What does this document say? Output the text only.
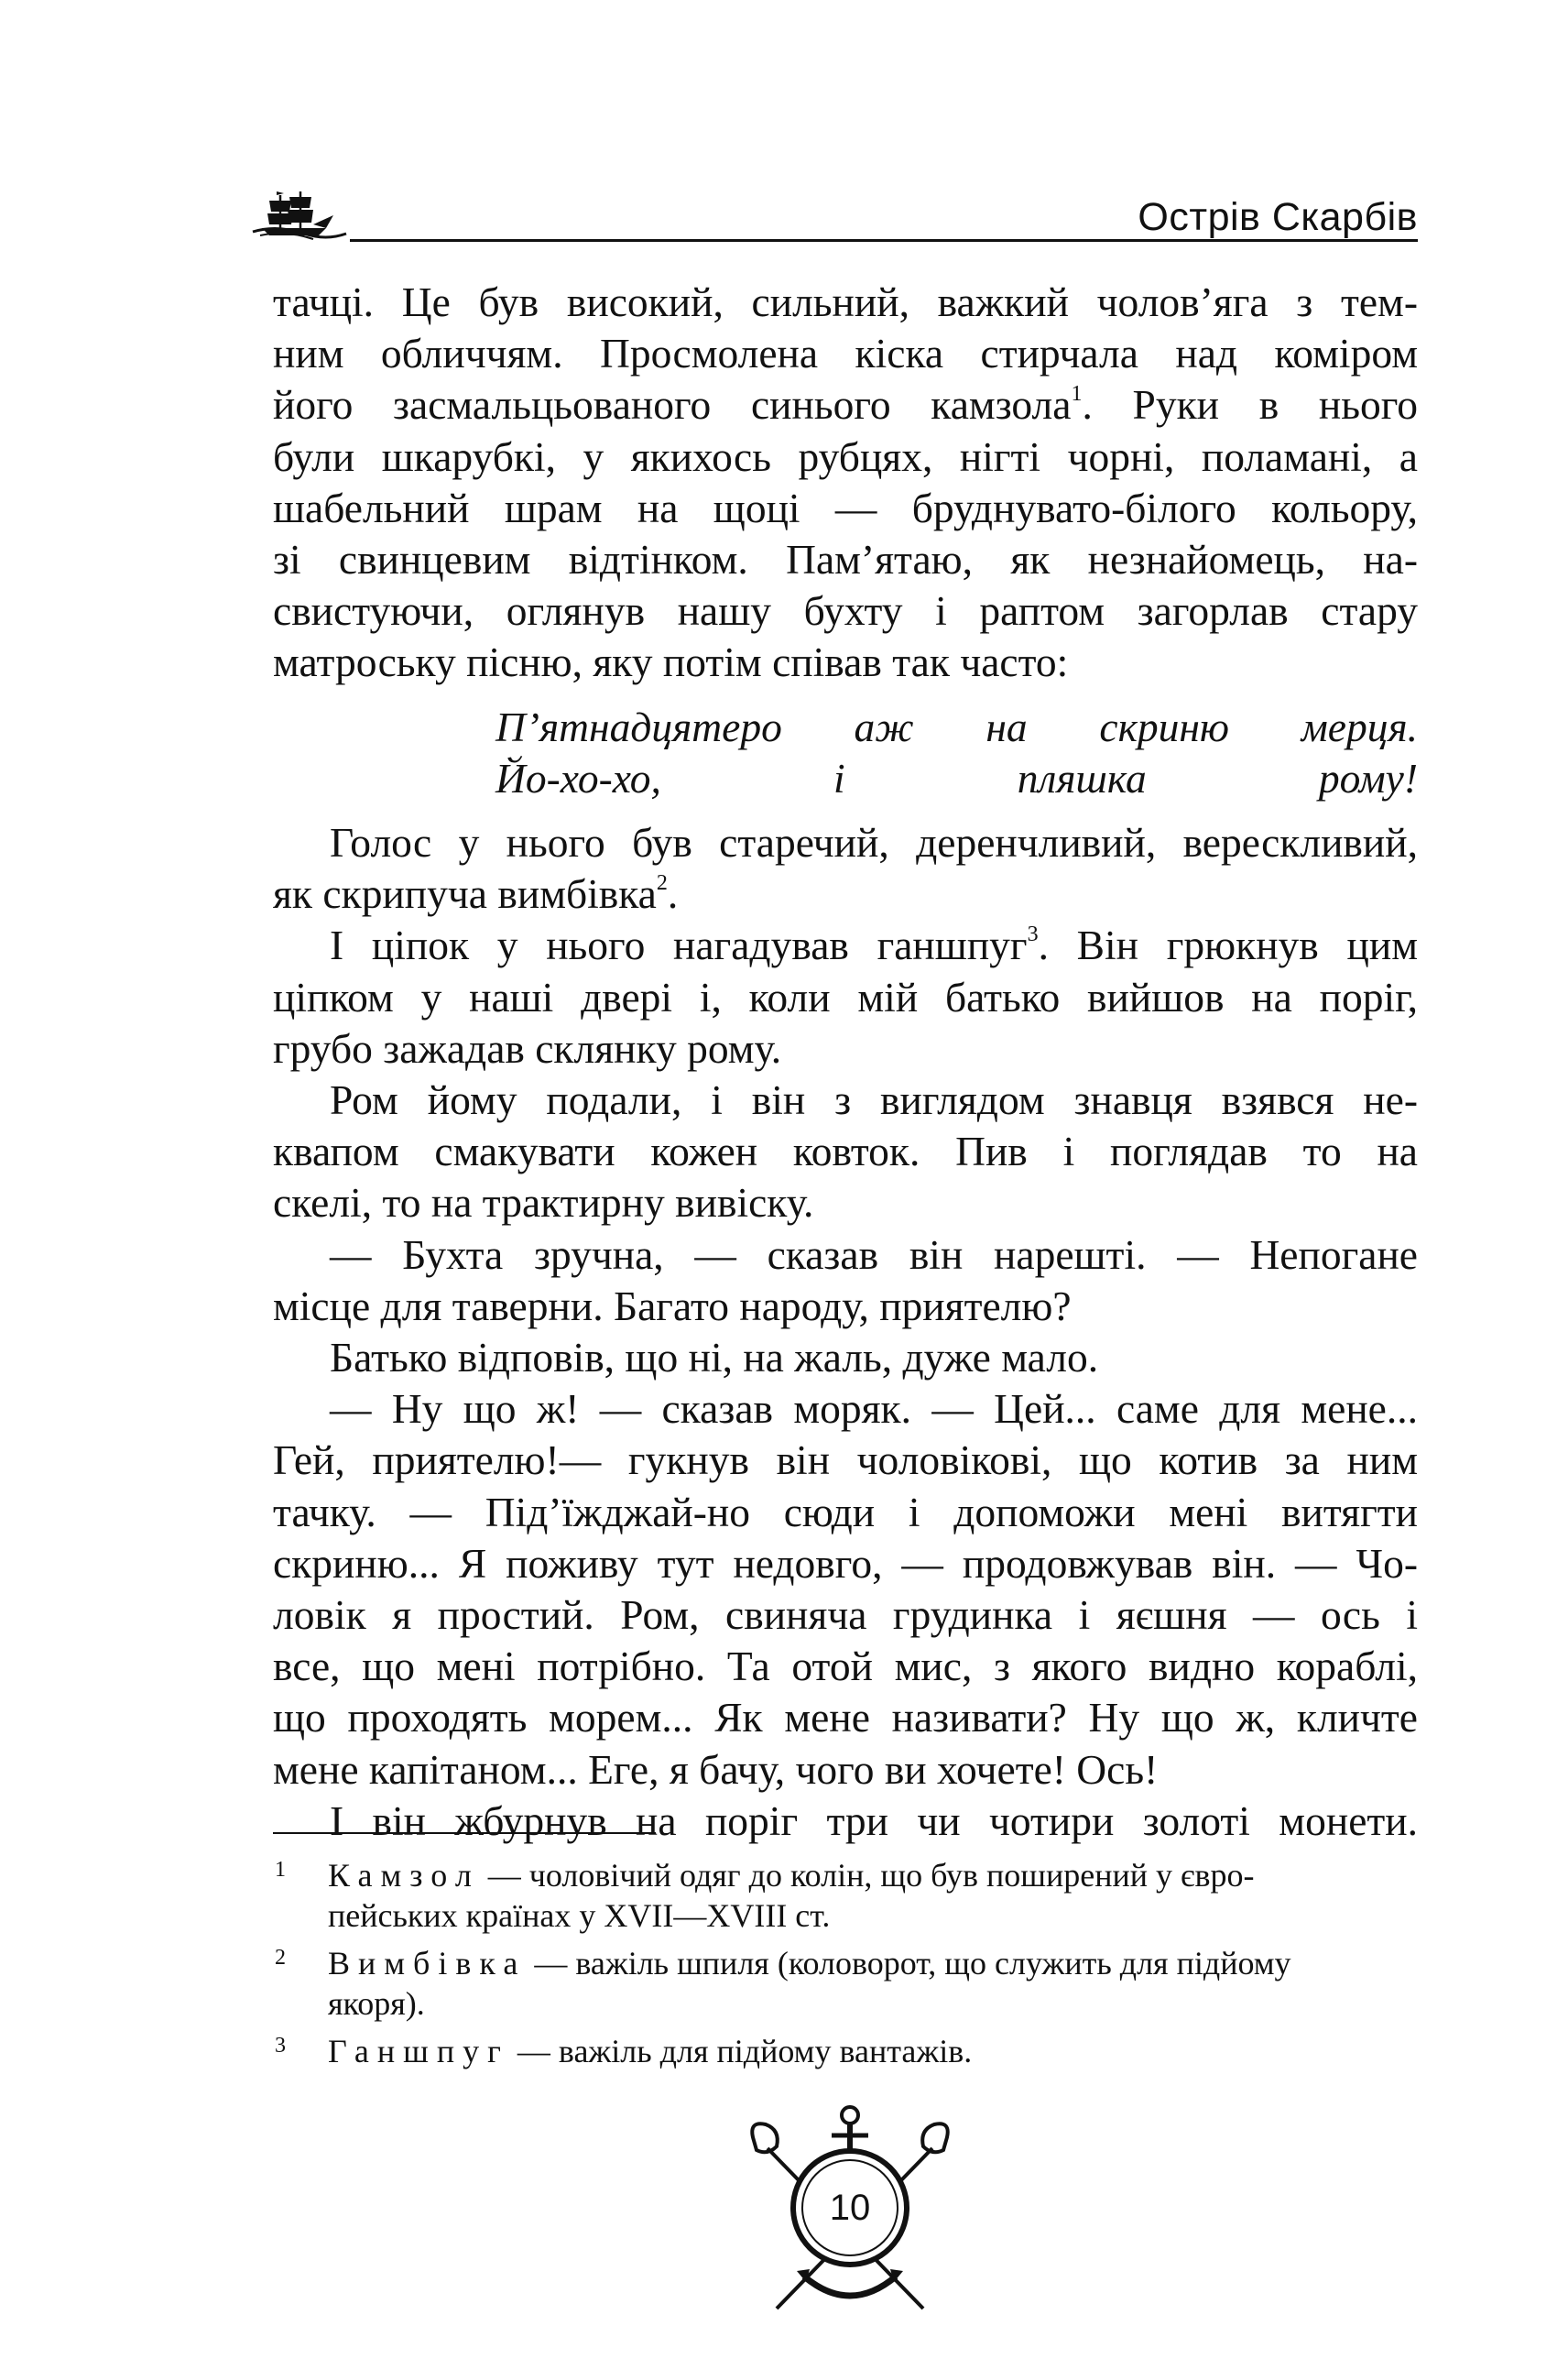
Острів Скарбів

тачці. Це був високий, сильний, важкий чолов’яга з тем-

ним обличчям. Просмолена кіска стирчала над коміром

його засмальцьованого синього камзола$^1$. Руки в нього

були шкарубкі, у якихось рубцях, нігті чорні, поламані, а

шабельний шрам на щоці — бруднувато-білого кольору,

зі свинцевим відтінком. Пам’ятаю, як незнайомець, на-

свистуючи, оглянув нашу бухту і раптом загорлав стару

матроську пісню, яку потім співав так часто:

П’ятнадцятеро аж на скриню мерця.

Йо-хо-хо, і пляшка рому!

Голос у нього був старечий, деренчливий, верескливий,

як скрипуча вимбівка$^2$.

І ціпок у нього нагадував ганшпуг$^3$. Він грюкнув цим

ціпком у наші двері і, коли мій батько вийшов на поріг,

грубо зажадав склянку рому.

Ром йому подали, і він з виглядом знавця взявся не-

квапом смакувати кожен ковток. Пив і поглядав то на

скелі, то на трактирну вивіску.

— Бухта зручна, — сказав він нарешті. — Непогане

місце для таверни. Багато народу, приятелю?

Батько відповів, що ні, на жаль, дуже мало.

— Ну що ж! — сказав моряк. — Цей... саме для мене...

Гей, приятелю!— гукнув він чоловікові, що котив за ним

тачку. — Під’їжджай-но сюди і допоможи мені витягти

скриню... Я поживу тут недовго, — продовжував він. — Чо-

ловік я простий. Ром, свиняча грудинка і яєшня — ось і

все, що мені потрібно. Та отой мис, з якого видно кораблі,

що проходять морем... Як мене називати? Ну що ж, кличте

мене капітаном... Еге, я бачу, чого ви хочете! Ось!

І він жбурнув на поріг три чи чотири золоті монети.

1 Камзол — чоловічий одяг до колін, що був поширений у євро-
пейських країнах у XVII—XVIII ст.
2 Вимбівка — важіль шпиля (коловорот, що служить для підйому
якоря).
3 Ганшпуг — важіль для підйому вантажів.
10
